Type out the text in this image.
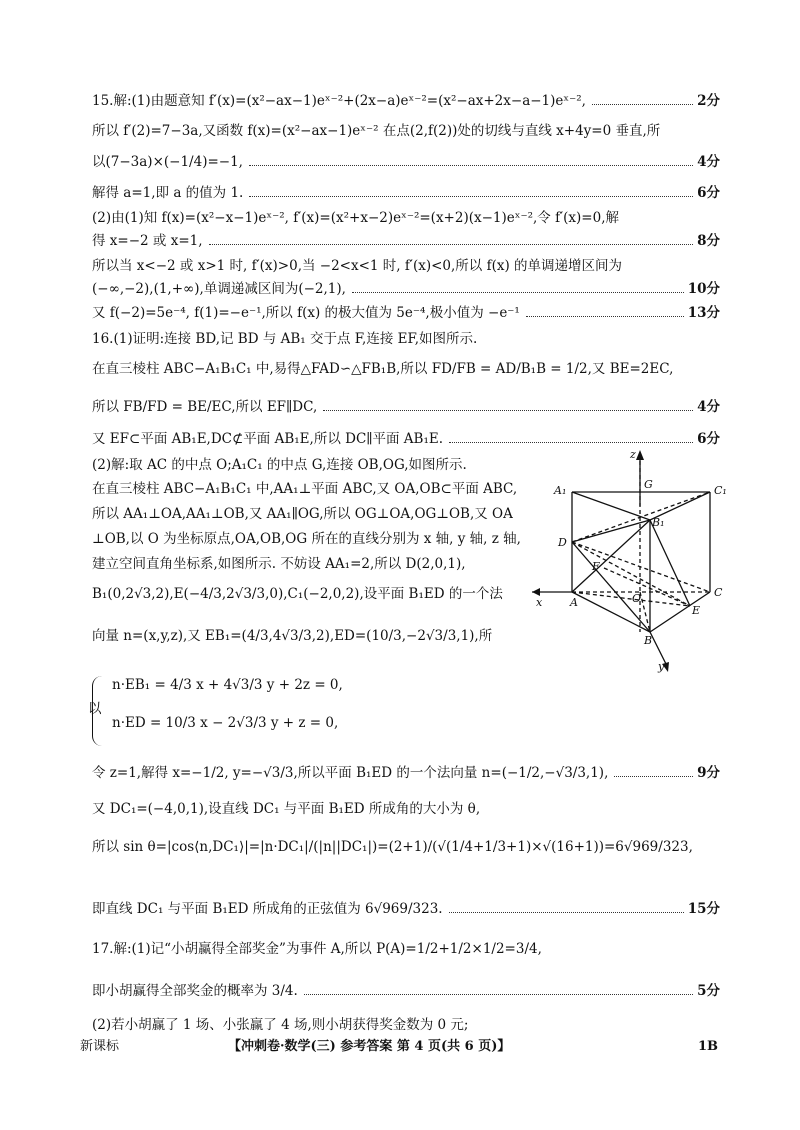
15.解:(1)由题意知 f′(x)=(x²−ax−1)eˣ⁻²+(2x−a)eˣ⁻²=(x²−ax+2x−a−1)eˣ⁻²,	2分
所以 f′(2)=7−3a,又函数 f(x)=(x²−ax−1)eˣ⁻² 在点(2,f(2))处的切线与直线 x+4y=0 垂直,所
以(7−3a)×(−1/4)=−1,	4分
解得 a=1,即 a 的值为 1.	6分
(2)由(1)知 f(x)=(x²−x−1)eˣ⁻², f′(x)=(x²+x−2)eˣ⁻²=(x+2)(x−1)eˣ⁻²,令 f′(x)=0,解
得 x=−2 或 x=1,	8分
所以当 x<−2 或 x>1 时, f′(x)>0,当 −2<x<1 时, f′(x)<0,所以 f(x) 的单调递增区间为
(−∞,−2),(1,+∞),单调递减区间为(−2,1),	10分
又 f(−2)=5e⁻⁴, f(1)=−e⁻¹,所以 f(x) 的极大值为 5e⁻⁴,极小值为 −e⁻¹	13分
16.(1)证明:连接 BD,记 BD 与 AB₁ 交于点 F,连接 EF,如图所示.
在直三棱柱 ABC−A₁B₁C₁ 中,易得△FAD∽△FB₁B,所以 FD/FB = AD/B₁B = 1/2,又 BE=2EC,
所以 FB/FD = BE/EC,所以 EF∥DC,	4分
又 EF⊂平面 AB₁E,DC⊄平面 AB₁E,所以 DC∥平面 AB₁E.	6分
(2)解:取 AC 的中点 O;A₁C₁ 的中点 G,连接 OB,OG,如图所示.
在直三棱柱 ABC−A₁B₁C₁ 中,AA₁⊥平面 ABC,又 OA,OB⊂平面 ABC,
所以 AA₁⊥OA,AA₁⊥OB,又 AA₁∥OG,所以 OG⊥OA,OG⊥OB,又 OA
⊥OB,以 O 为坐标原点,OA,OB,OG 所在的直线分别为 x 轴, y 轴, z 轴,
建立空间直角坐标系,如图所示. 不妨设 AA₁=2,所以 D(2,0,1),
B₁(0,2√3,2),E(−4/3,2√3/3,0),C₁(−2,0,2),设平面 B₁ED 的一个法
向量 n=(x,y,z),又 EB₁=(4/3,4√3/3,2),ED=(10/3,−2√3/3,1),所
以
n·EB₁ = 4/3 x + 4√3/3 y + 2z = 0,
n·ED = 10/3 x − 2√3/3 y + z = 0,
令 z=1,解得 x=−1/2, y=−√3/3,所以平面 B₁ED 的一个法向量 n=(−1/2,−√3/3,1),	9分
又 DC₁=(−4,0,1),设直线 DC₁ 与平面 B₁ED 所成角的大小为 θ,
所以 sin θ=|cos⟨n,DC₁⟩|=|n·DC₁|/(|n||DC₁|)=(2+1)/(√(1/4+1/3+1)×√(16+1))=6√969/323,
即直线 DC₁ 与平面 B₁ED 所成角的正弦值为 6√969/323.	15分
17.解:(1)记“小胡赢得全部奖金”为事件 A,所以 P(A)=1/2+1/2×1/2=3/4,
即小胡赢得全部奖金的概率为 3/4.	5分
(2)若小胡赢了 1 场、小张赢了 4 场,则小胡获得奖金数为 0 元;
z
A₁	G	C₁
B₁
D
F
O	C
x	A
E
B
y
新课标	【冲刺卷·数学(三) 参考答案 第 4 页(共 6 页)】	1B
